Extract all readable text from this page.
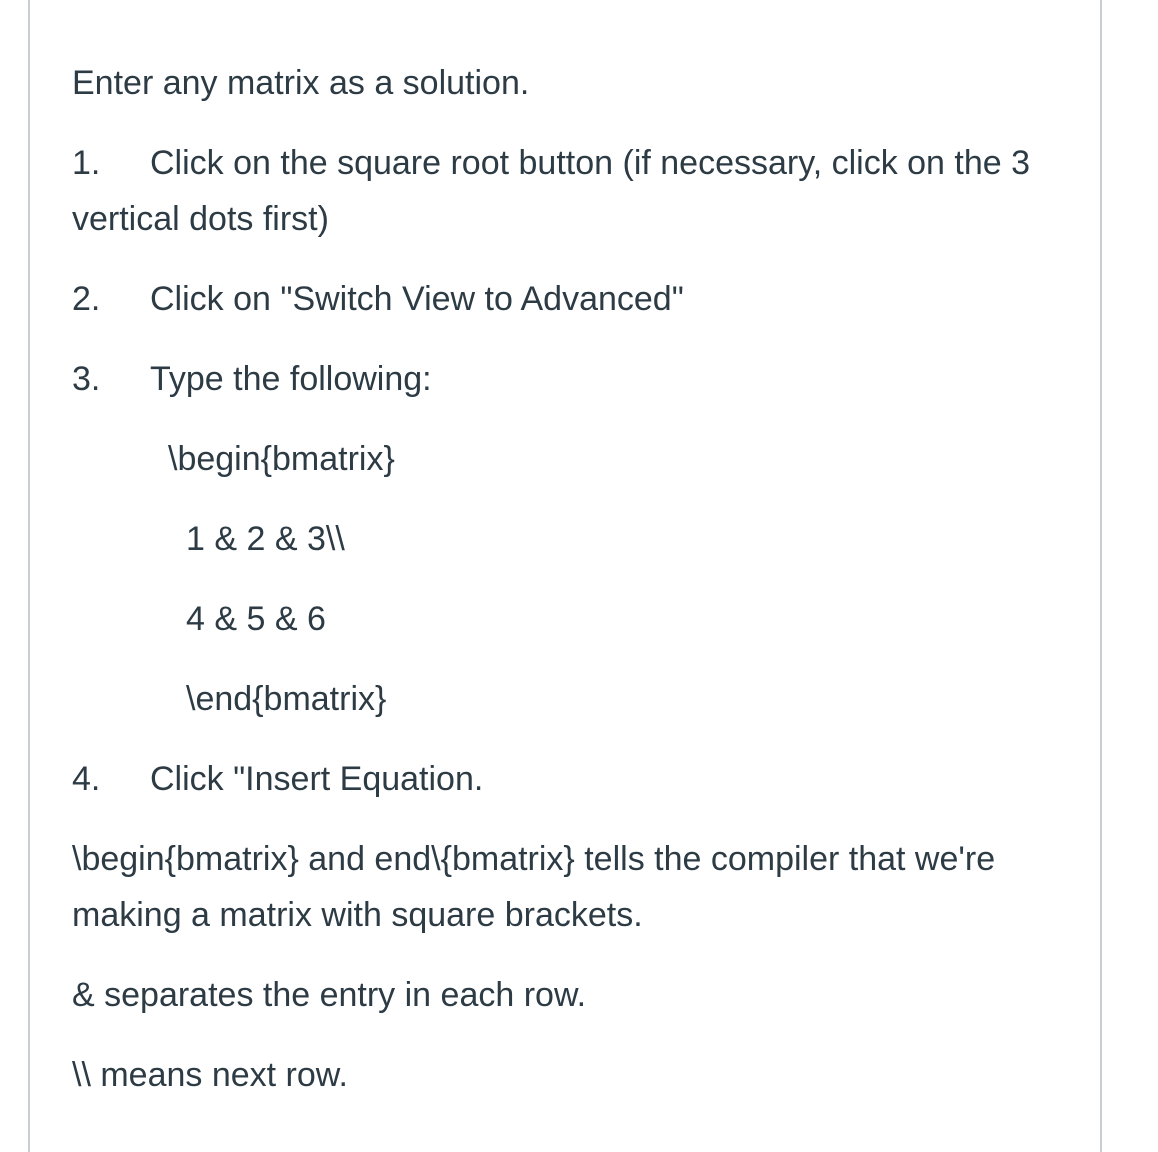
Enter any matrix as a solution.

1. Click on the square root button (if necessary, click on the 3 vertical dots first)

2. Click on "Switch View to Advanced"

3. Type the following:

\begin{bmatrix}

1 & 2 & 3\\

4 & 5 & 6

\end{bmatrix}

4. Click "Insert Equation.

\begin{bmatrix} and end\{bmatrix} tells the compiler that we're making a matrix with square brackets.

& separates the entry in each row.

\\ means next row.
